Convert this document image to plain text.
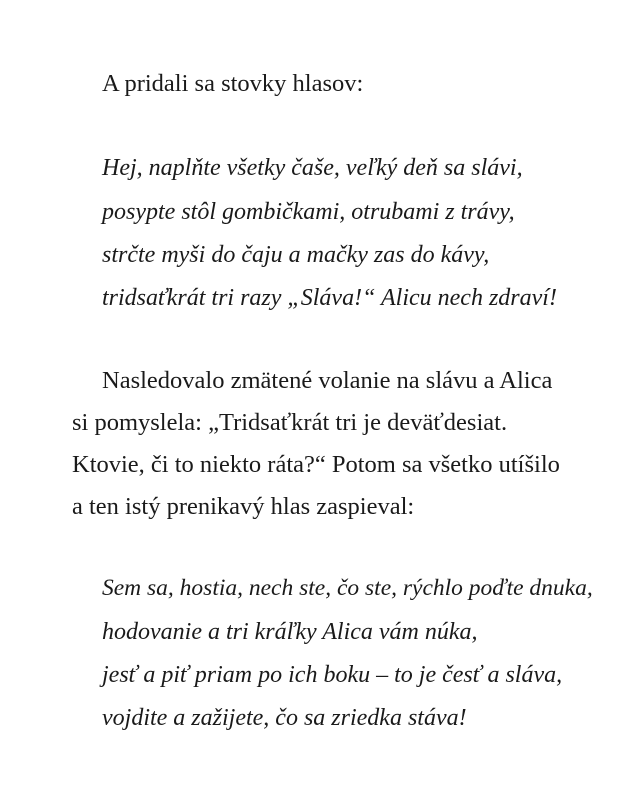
A pridali sa stovky hlasov:
Hej, naplňte všetky čaše, veľký deň sa slávi,
posypte stôl gombičkami, otrubami z trávy,
strčte myši do čaju a mačky zas do kávy,
tridsaťkrát tri razy „Sláva!“ Alicu nech zdraví!
Nasledovalo zmätené volanie na slávu a Alica
si pomyslela: „Tridsaťkrát tri je deväťdesiat.
Ktovie, či to niekto ráta?“ Potom sa všetko utíšilo
a ten istý prenikavý hlas zaspieval:
Sem sa, hostia, nech ste, čo ste, rýchlo poďte dnuka,
hodovanie a tri kráľky Alica vám núka,
jesť a piť priam po ich boku – to je česť a sláva,
vojdite a zažijete, čo sa zriedka stáva!
